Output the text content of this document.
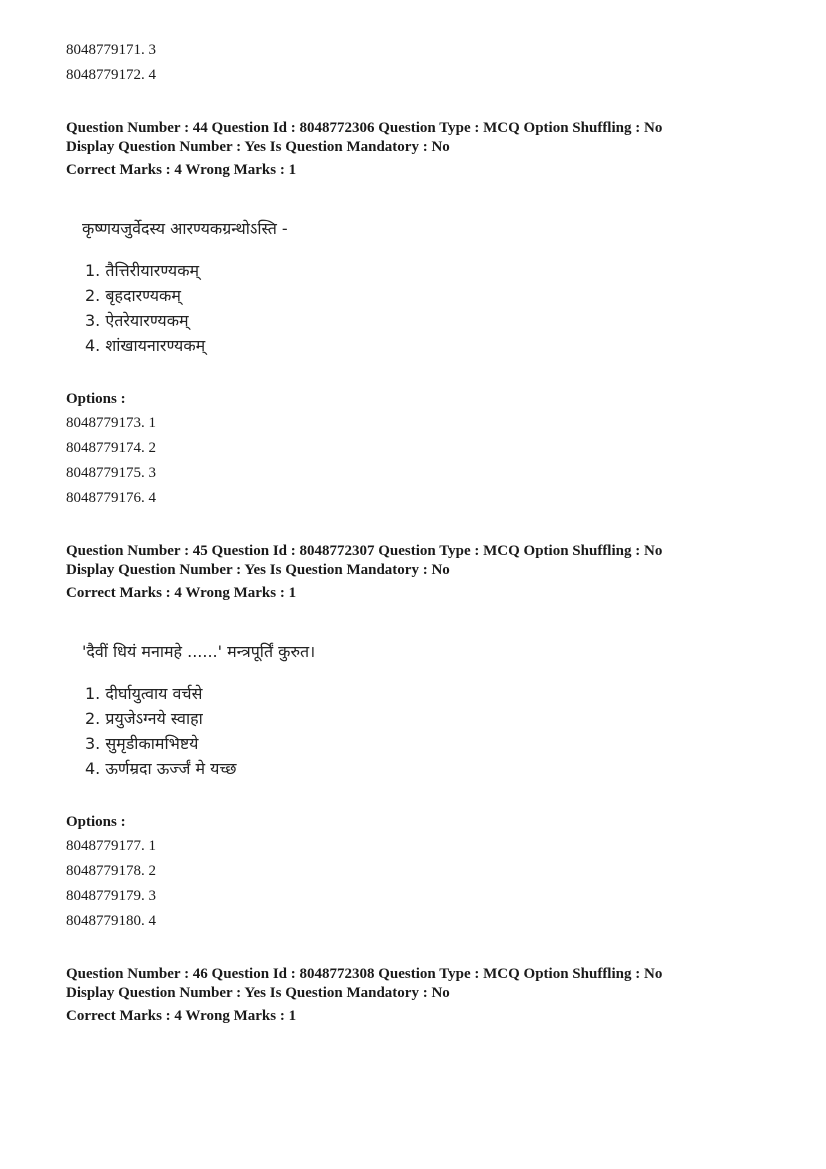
8048779171. 3
8048779172. 4
Question Number : 44 Question Id : 8048772306 Question Type : MCQ Option Shuffling : No
Display Question Number : Yes Is Question Mandatory : No
Correct Marks : 4 Wrong Marks : 1
कृष्णयजुर्वेदस्य आरण्यकग्रन्थोऽस्ति -
1. तैत्तिरीयारण्यकम्
2. बृहदारण्यकम्
3. ऐतरेयारण्यकम्
4. शांखायनारण्यकम्
Options :
8048779173. 1
8048779174. 2
8048779175. 3
8048779176. 4
Question Number : 45 Question Id : 8048772307 Question Type : MCQ Option Shuffling : No
Display Question Number : Yes Is Question Mandatory : No
Correct Marks : 4 Wrong Marks : 1
'दैवीं धियं मनामहे ......' मन्त्रपूर्तिं कुरुत।
1. दीर्घायुत्वाय वर्चसे
2. प्रयुजेऽग्नये स्वाहा
3. सुमृडीकामभिष्टये
4. ऊर्णम्रदा ऊर्ज्जं मे यच्छ
Options :
8048779177. 1
8048779178. 2
8048779179. 3
8048779180. 4
Question Number : 46 Question Id : 8048772308 Question Type : MCQ Option Shuffling : No
Display Question Number : Yes Is Question Mandatory : No
Correct Marks : 4 Wrong Marks : 1
